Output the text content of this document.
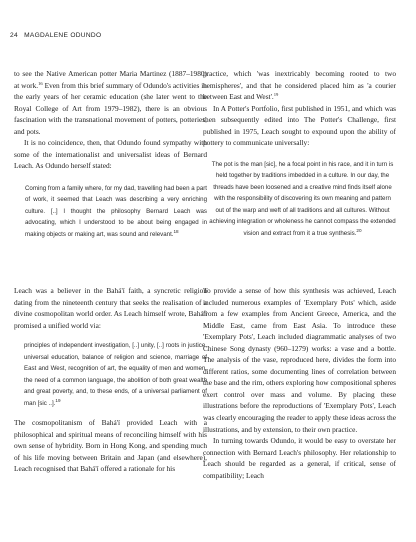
24 MAGDALENE ODUNDO

to see the Native American potter Maria Martinez (1887–1980) at work.$^{16}$ Even from this brief summary of Odundo's activities in the early years of her ceramic education (she later went to the Royal College of Art from 1979–1982), there is an obvious fascination with the transnational movement of potters, potteries, and pots.

It is no coincidence, then, that Odundo found sympathy with some of the internationalist and universalist ideas of Bernard Leach. As Odundo herself stated:

Coming from a family where, for my dad, travelling had been a part of work, it seemed that Leach was describing a very enriching culture. [..] I thought the philosophy Bernard Leach was advocating, which I understood to be about being engaged in making objects or making art, was sound and relevant.$^{18}$

Leach was a believer in the Bahá'í faith, a syncretic religion dating from the nineteenth century that seeks the realisation of a divine cosmopolitan world order. As Leach himself wrote, Bahá'í promised a unified world via:

principles of independent investigation, [..] unity, [..] roots in justice, universal education, balance of religion and science, marriage of East and West, recognition of art, the equality of men and women, the need of a common language, the abolition of both great wealth and great poverty, and, to these ends, of a universal parliament of man [sic ..].$^{19}$

The cosmopolitanism of Bahá'í provided Leach with a philosophical and spiritual means of reconciling himself with his own sense of hybridity. Born in Hong Kong, and spending much of his life moving between Britain and Japan (and elsewhere), Leach recognised that Bahá'í offered a rationale for his

practice, which 'was inextricably becoming rooted to two hemispheres', and that he considered placed him as 'a courier between East and West'.$^{19}$

In A Potter's Portfolio, first published in 1951, and which was then subsequently edited into The Potter's Challenge, first published in 1975, Leach sought to expound upon the ability of pottery to communicate universally:

The pot is the man [sic], he a focal point in his race, and it in turn is held together by traditions imbedded in a culture. In our day, the threads have been loosened and a creative mind finds itself alone with the responsibility of discovering its own meaning and pattern out of the warp and weft of all traditions and all cultures. Without achieving integration or wholeness he cannot compass the extended vision and extract from it a true synthesis.$^{20}$

To provide a sense of how this synthesis was achieved, Leach included numerous examples of 'Exemplary Pots' which, aside from a few examples from Ancient Greece, America, and the Middle East, came from East Asia. To introduce these 'Exemplary Pots', Leach included diagrammatic analyses of two Chinese Song dynasty (960–1279) works: a vase and a bottle. The analysis of the vase, reproduced here, divides the form into different ratios, some documenting lines of correlation between the base and the rim, others exploring how compositional spheres exert control over mass and volume. By placing these illustrations before the reproductions of 'Exemplary Pots', Leach was clearly encouraging the reader to apply these ideas across the illustrations, and by extension, to their own practice.

In turning towards Odundo, it would be easy to overstate her connection with Bernard Leach's philosophy. Her relationship to Leach should be regarded as a general, if critical, sense of compatibility; Leach
